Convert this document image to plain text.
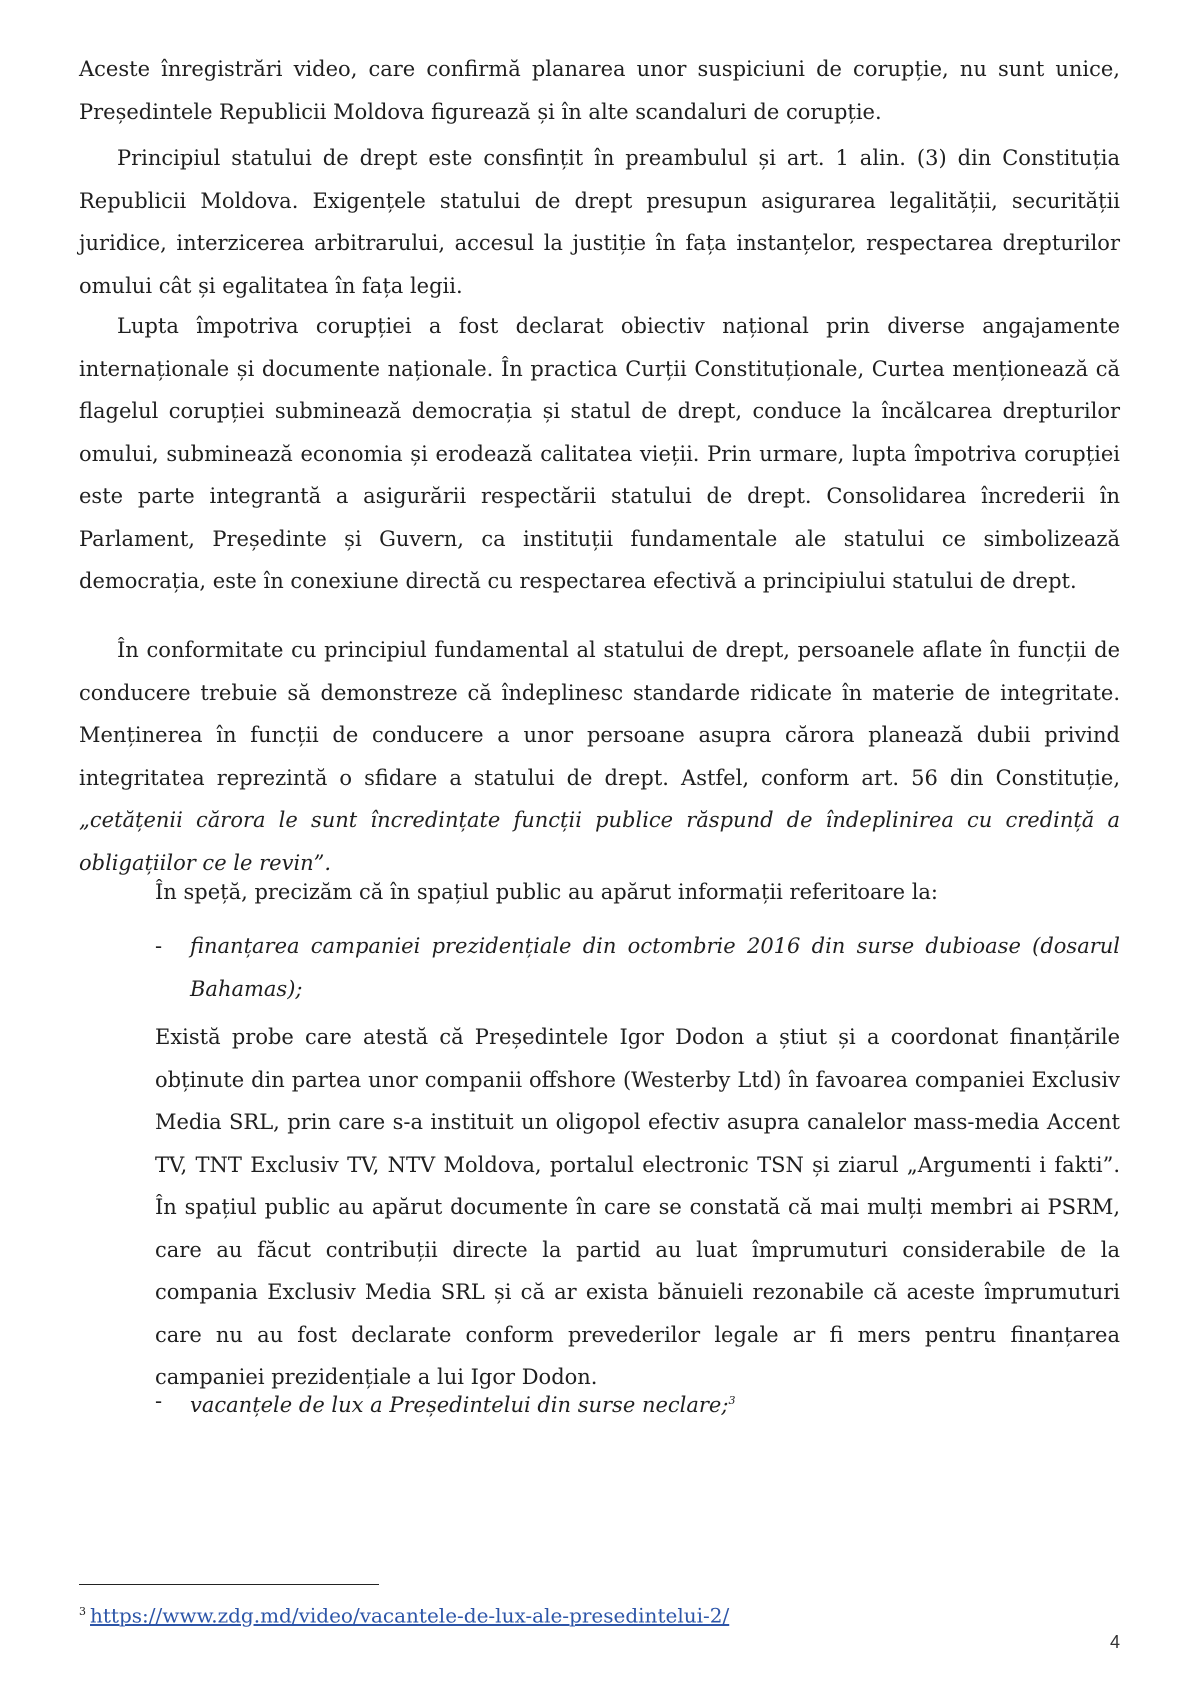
Aceste înregistrări video, care confirmă planarea unor suspiciuni de corupție, nu sunt unice, Președintele Republicii Moldova figurează și în alte scandaluri de corupție.

Principiul statului de drept este consfințit în preambulul și art. 1 alin. (3) din Constituția Republicii Moldova. Exigențele statului de drept presupun asigurarea legalității, securității juridice, interzicerea arbitrarului, accesul la justiție în fața instanțelor, respectarea drepturilor omului cât și egalitatea în fața legii.

Lupta împotriva corupției a fost declarat obiectiv național prin diverse angajamente internaționale și documente naționale. În practica Curții Constituționale, Curtea menționează că flagelul corupției subminează democrația și statul de drept, conduce la încălcarea drepturilor omului, subminează economia și erodează calitatea vieții. Prin urmare, lupta împotriva corupției este parte integrantă a asigurării respectării statului de drept. Consolidarea încrederii în Parlament, Președinte și Guvern, ca instituții fundamentale ale statului ce simbolizează democrația, este în conexiune directă cu respectarea efectivă a principiului statului de drept.

În conformitate cu principiul fundamental al statului de drept, persoanele aflate în funcții de conducere trebuie să demonstreze că îndeplinesc standarde ridicate în materie de integritate. Menținerea în funcții de conducere a unor persoane asupra cărora planează dubii privind integritatea reprezintă o sfidare a statului de drept. Astfel, conform art. 56 din Constituție, „cetățenii cărora le sunt încredințate funcții publice răspund de îndeplinirea cu credință a obligațiilor ce le revin”.

În speță, precizăm că în spațiul public au apărut informații referitoare la:

- finanțarea campaniei prezidențiale din octombrie 2016 din surse dubioase (dosarul Bahamas);

Există probe care atestă că Președintele Igor Dodon a știut și a coordonat finanțările obținute din partea unor companii offshore (Westerby Ltd) în favoarea companiei Exclusiv Media SRL, prin care s-a instituit un oligopol efectiv asupra canalelor mass-media Accent TV, TNT Exclusiv TV, NTV Moldova, portalul electronic TSN și ziarul „Argumenti i fakti”. În spațiul public au apărut documente în care se constată că mai mulți membri ai PSRM, care au făcut contribuții directe la partid au luat împrumuturi considerabile de la compania Exclusiv Media SRL și că ar exista bănuieli rezonabile că aceste împrumuturi care nu au fost declarate conform prevederilor legale ar fi mers pentru finanțarea campaniei prezidențiale a lui Igor Dodon.

- vacanțele de lux a Președintelui din surse neclare;$^3$

$^3$ https://www.zdg.md/video/vacantele-de-lux-ale-presedintelui-2/
4
